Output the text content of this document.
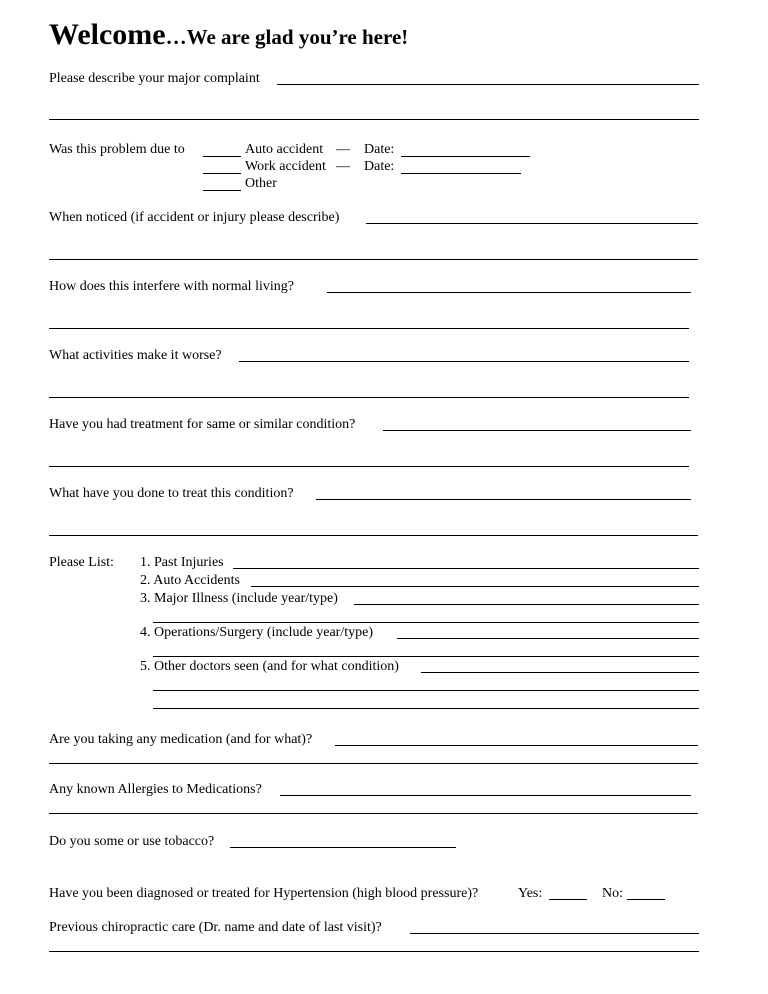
Welcome…We are glad you’re here!
Please describe your major complaint
Was this problem due to	Auto accident — Date:
Work accident — Date:
Other
When noticed (if accident or injury please describe)
How does this interfere with normal living?
What activities make it worse?
Have you had treatment for same or similar condition?
What have you done to treat this condition?
Please List: 1. Past Injuries
2. Auto Accidents
3. Major Illness (include year/type)
4. Operations/Surgery (include year/type)
5. Other doctors seen (and for what condition)
Are you taking any medication (and for what)?
Any known Allergies to Medications?
Do you some or use tobacco?
Have you been diagnosed or treated for Hypertension (high blood pressure)?	Yes:	No:
Previous chiropractic care (Dr. name and date of last visit)?
